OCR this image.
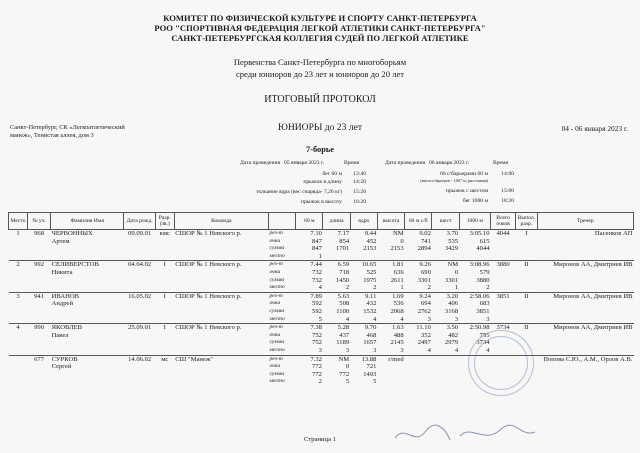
КОМИТЕТ ПО ФИЗИЧЕСКОЙ КУЛЬТУРЕ И СПОРТУ САНКТ-ПЕТЕРБУРГА
РОО "СПОРТИВНАЯ ФЕДЕРАЦИЯ ЛЕГКОЙ АТЛЕТИКИ САНКТ-ПЕТЕРБУРГА"
САНКТ-ПЕТЕРБУРГСКАЯ КОЛЛЕГИЯ СУДЕЙ ПО ЛЕГКОЙ АТЛЕТИКЕ
Первенства Санкт-Петербурга по многоборьям
среди юниоров до 23 лет и юниоров до 20 лет
ИТОГОВЫЙ ПРОТОКОЛ
Санкт-Петербург, СК «Легкоатлетический
манеж», Тенистая аллея, дом 3
ЮНИОРЫ до 23 лет	04 - 06 января 2023 г.
7-борье
Дата проведения 05 января 2023 г.	Время
бег 60 м 13:40
прыжок в длину 14:20
толкание ядра (вес снаряда- 7,26 кг) 15:20
прыжок в высоту 16:20
Дата проведения 06 января 2023 г.	Время
60 с/барьерами 60 м 14:00
(высота барьеров - 1,067 м; расстояния)
прыжок с шестом 15:00
бег 1000 м 18:20
Место	№ уч.	Фамилия Имя	Дата рожд.	Разр. (зв.)	Команда		60 м	длина	ядро	высота	60 м с/б	шест	1000 м	Всего очков	Выпол. разр.	Тренер
1	968	ЧЕРВОННЫХ	09.09.01	кмс	СШОР № 1 Невского р.	рез-т	7.10	7.17	9.44	NM	9.02	3.70	3:05.10	4044	I	Пасенков АП
		Артем				очки	847	854	452	0	741	535	615			
						сумма	847	1701	2153	2153	2894	3429	4044			
						место	1									
2	992	СЕЛИВЕРСТОВ	04.04.02	I	СШОР № 1 Невского р.	рез-т	7.44	6.59	10.65	1.81	9.26	NM	3:08.96	3880	II	Миронов АА, Дмитриев ИВ
		Никита				очки	732	718	525	636	690	0	579			
						сумма	732	1450	1975	2611	3301	3301	3880			
						место	4	2	2	1	2	1	2			
3	941	ИВАНОВ	16.05.02	I	СШОР № 1 Невского р.	рез-т	7.89	5.63	9.11	1.69	9.24	3.20	2:58.06	3851	II	Миронов АА, Дмитриев ИВ
		Андрей				очки	592	508	432	536	694	406	683			
						сумма	592	1100	1532	2068	2762	3168	3851			
						место	5	4	4	4	3	3	3			
4	990	ЯКОВЛЕВ	25.09.01	I	СШОР № 1 Невского р.	рез-т	7.38	5.28	9.70	1.63	11.10	3.50	2:50.98	3734	II	Миронов АА, Дмитриев ИВ
		Павел				очки	752	437	468	488	352	482	755			
						сумма	752	1189	1657	2145	2497	2979	3734			
						место	3	3	3	3	4	4	4			
	677	СУРКОВ	14.06.02	мс	СШ "Манеж"	рез-т	7.32	NM	13.88	r/med						Попова С.Ю., А.М., Орлов А.В.
		Сергей				очки	772	0	721							
						сумма	772	772	1493							
						место	2	5	5							
Страница 1
